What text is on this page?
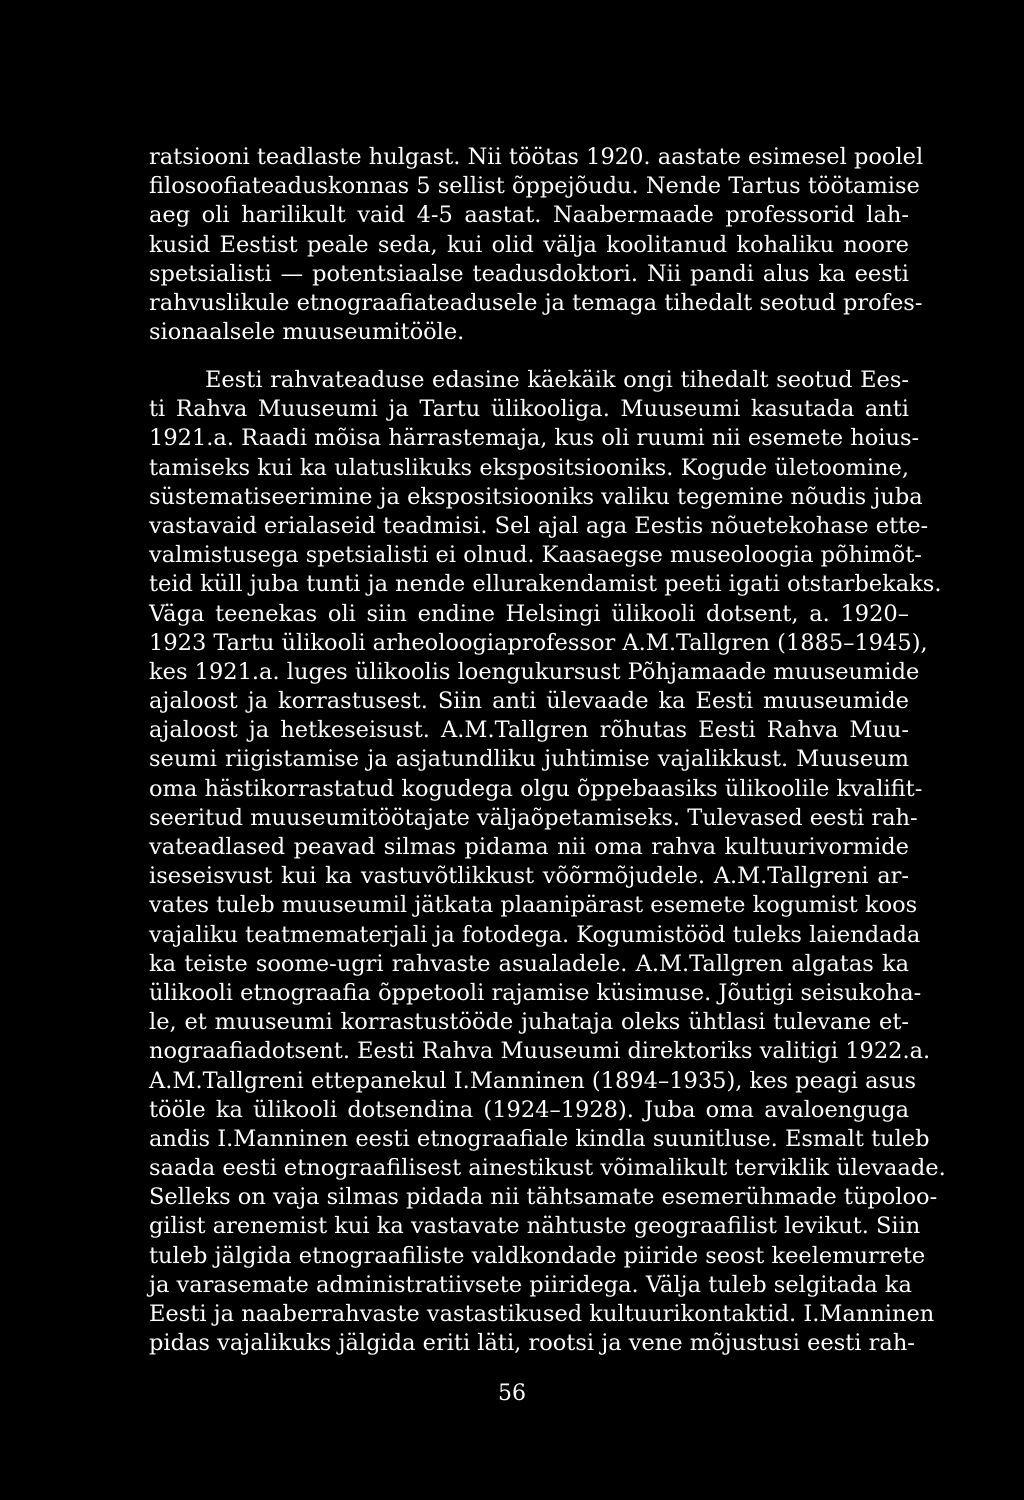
ratsiooni teadlaste hulgast. Nii töötas 1920. aastate esimesel poolel
filosoofiateaduskonnas 5 sellist õppejõudu. Nende Tartus töötamise
aeg oli harilikult vaid 4-5 aastat. Naabermaade professorid lah-
kusid Eestist peale seda, kui olid välja koolitanud kohaliku noore
spetsialisti — potentsiaalse teadusdoktori. Nii pandi alus ka eesti
rahvuslikule etnograafiateadusele ja temaga tihedalt seotud profes-
sionaalsele muuseumitööle.
Eesti rahvateaduse edasine käekäik ongi tihedalt seotud Ees-
ti Rahva Muuseumi ja Tartu ülikooliga. Muuseumi kasutada anti
1921.a. Raadi mõisa härrastemaja, kus oli ruumi nii esemete hoius-
tamiseks kui ka ulatuslikuks ekspositsiooniks. Kogude ületoomine,
süstematiseerimine ja ekspositsiooniks valiku tegemine nõudis juba
vastavaid erialaseid teadmisi. Sel ajal aga Eestis nõuetekohase ette-
valmistusega spetsialisti ei olnud. Kaasaegse museoloogia põhimõt-
teid küll juba tunti ja nende ellurakendamist peeti igati otstarbekaks.
Väga teenekas oli siin endine Helsingi ülikooli dotsent, a. 1920–
1923 Tartu ülikooli arheoloogiaprofessor A.M.Tallgren (1885–1945),
kes 1921.a. luges ülikoolis loengukursust Põhjamaade muuseumide
ajaloost ja korrastusest. Siin anti ülevaade ka Eesti muuseumide
ajaloost ja hetkeseisust. A.M.Tallgren rõhutas Eesti Rahva Muu-
seumi riigistamise ja asjatundliku juhtimise vajalikkust. Muuseum
oma hästikorrastatud kogudega olgu õppebaasiks ülikoolile kvalifit-
seeritud muuseumitöötajate väljaõpetamiseks. Tulevased eesti rah-
vateadlased peavad silmas pidama nii oma rahva kultuurivormide
iseseisvust kui ka vastuvõtlikkust võõrmõjudele. A.M.Tallgreni ar-
vates tuleb muuseumil jätkata plaanipärast esemete kogumist koos
vajaliku teatmematerjali ja fotodega. Kogumistööd tuleks laiendada
ka teiste soome-ugri rahvaste asualadele. A.M.Tallgren algatas ka
ülikooli etnograafia õppetooli rajamise küsimuse. Jõutigi seisukoha-
le, et muuseumi korrastustööde juhataja oleks ühtlasi tulevane et-
nograafiadotsent. Eesti Rahva Muuseumi direktoriks valitigi 1922.a.
A.M.Tallgreni ettepanekul I.Manninen (1894–1935), kes peagi asus
tööle ka ülikooli dotsendina (1924–1928). Juba oma avaloenguga
andis I.Manninen eesti etnograafiale kindla suunitluse. Esmalt tuleb
saada eesti etnograafilisest ainestikust võimalikult terviklik ülevaade.
Selleks on vaja silmas pidada nii tähtsamate esemerühmade tüpoloo-
gilist arenemist kui ka vastavate nähtuste geograafilist levikut. Siin
tuleb jälgida etnograafiliste valdkondade piiride seost keelemurrete
ja varasemate administratiivsete piiridega. Välja tuleb selgitada ka
Eesti ja naaberrahvaste vastastikused kultuurikontaktid. I.Manninen
pidas vajalikuks jälgida eriti läti, rootsi ja vene mõjustusi eesti rah-
56
